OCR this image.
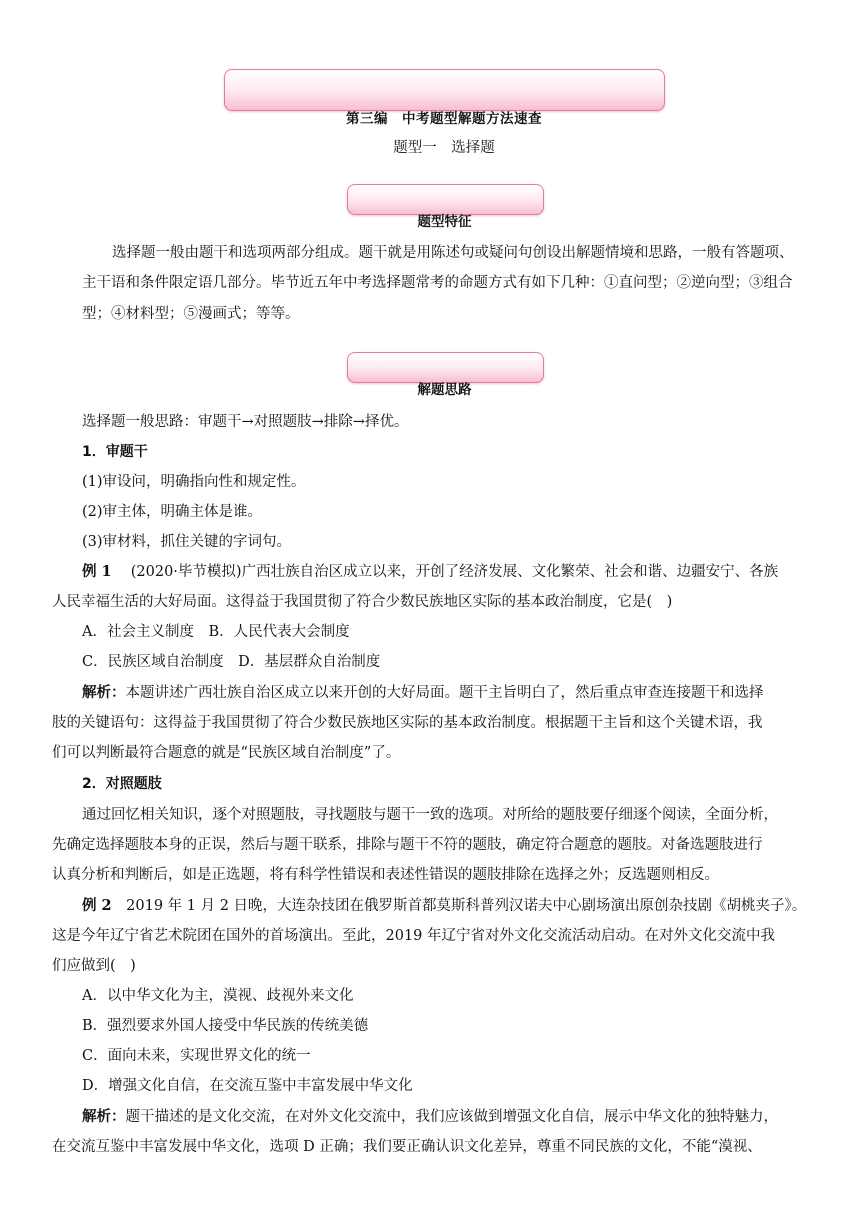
第三编　中考题型解题方法速查
题型一　选择题
题型特征
选择题一般由题干和选项两部分组成。题干就是用陈述句或疑问句创设出解题情境和思路，一般有答题项、
主干语和条件限定语几部分。毕节近五年中考选择题常考的命题方式有如下几种：①直问型；②逆向型；③组合
型；④材料型；⑤漫画式；等等。
解题思路
选择题一般思路：审题干→对照题肢→排除→择优。
1．审题干
(1)审设问，明确指向性和规定性。
(2)审主体，明确主体是谁。
(3)审材料，抓住关键的字词句。
例 1　 (2020·毕节模拟)广西壮族自治区成立以来，开创了经济发展、文化繁荣、社会和谐、边疆安宁、各族
人民幸福生活的大好局面。这得益于我国贯彻了符合少数民族地区实际的基本政治制度，它是(　)
A．社会主义制度　B．人民代表大会制度
C．民族区域自治制度　D．基层群众自治制度
解析：本题讲述广西壮族自治区成立以来开创的大好局面。题干主旨明白了，然后重点审查连接题干和选择
肢的关键语句：这得益于我国贯彻了符合少数民族地区实际的基本政治制度。根据题干主旨和这个关键术语，我
们可以判断最符合题意的就是“民族区域自治制度”了。
2．对照题肢
通过回忆相关知识，逐个对照题肢，寻找题肢与题干一致的选项。对所给的题肢要仔细逐个阅读，全面分析，
先确定选择题肢本身的正误，然后与题干联系，排除与题干不符的题肢，确定符合题意的题肢。对备选题肢进行
认真分析和判断后，如是正选题，将有科学性错误和表述性错误的题肢排除在选择之外；反选题则相反。
例 2　 2019 年 1 月 2 日晚，大连杂技团在俄罗斯首都莫斯科普列汉诺夫中心剧场演出原创杂技剧《胡桃夹子》。
这是今年辽宁省艺术院团在国外的首场演出。至此，2019 年辽宁省对外文化交流活动启动。在对外文化交流中我
们应做到(　)
A．以中华文化为主，漠视、歧视外来文化
B．强烈要求外国人接受中华民族的传统美德
C．面向未来，实现世界文化的统一
D．增强文化自信，在交流互鉴中丰富发展中华文化
解析：题干描述的是文化交流，在对外文化交流中，我们应该做到增强文化自信，展示中华文化的独特魅力，
在交流互鉴中丰富发展中华文化，选项 D 正确；我们要正确认识文化差异，尊重不同民族的文化，不能“漠视、
